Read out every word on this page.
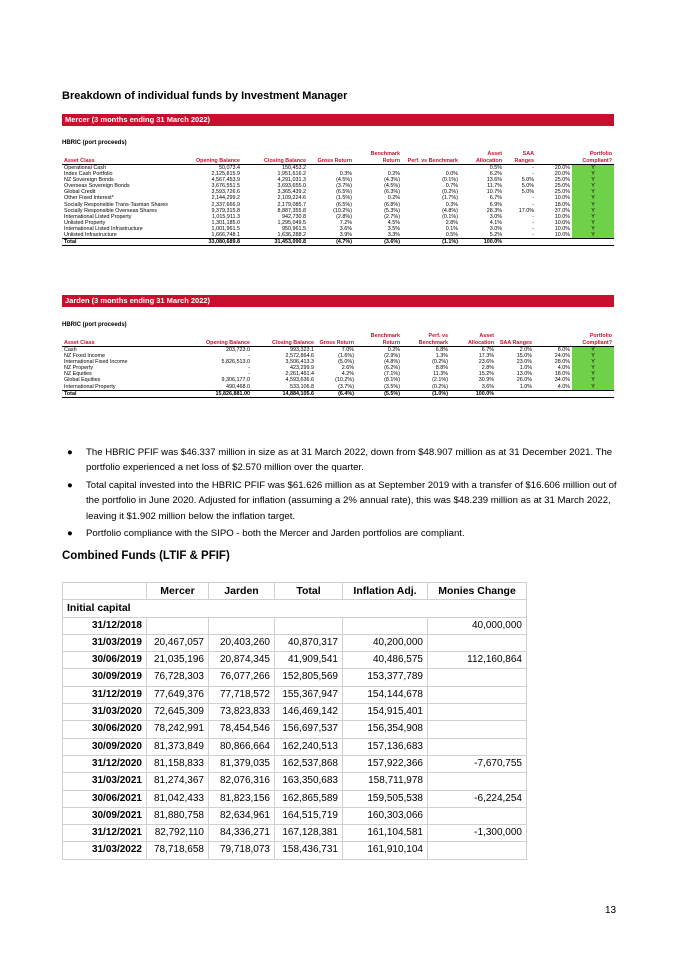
Breakdown of individual funds by Investment Manager
Mercer (3 months ending 31 March 2022)
HBRIC (port proceeds)
Asset Class	Opening Balance	Closing Balance	Gross Return	Benchmark Return	Perf. vs Benchmark	Asset Allocation	SAA Ranges		Portfolio Compliant?
Operational Cash	50,073.4	150,453.2				0.5%	-	20.0%	Y
Index Cash Portfolio	2,125,815.9	1,951,616.2	0.3%	0.2%	0.0%	6.2%	-	20.0%	Y
NZ Sovereign Bonds	4,567,453.9	4,291,031.3	(4.5%)	(4.3%)	(0.1%)	13.6%	5.0%	25.0%	Y
Overseas Sovereign Bonds	3,676,551.5	3,693,655.0	(3.7%)	(4.5%)	0.7%	11.7%	5.0%	25.0%	Y
Global Credit	3,593,726.6	3,365,439.2	(6.5%)	(6.3%)	(0.2%)	10.7%	5.0%	25.0%	Y
Other Fixed Interest*	2,144,299.2	2,109,224.6	(1.5%)	0.2%	(1.7%)	6.7%	-	10.0%	Y
Socially Responsible Trans-Tasman Shares	2,337,666.9	2,179,085.7	(6.5%)	(6.8%)	0.3%	6.9%	-	18.0%	Y
Socially Responsible Overseas Shares	9,379,315.8	8,887,355.8	(10.2%)	(5.3%)	(4.8%)	28.3%	17.0%	37.0%	Y
International Listed Property	1,015,911.3	942,730.8	(2.8%)	(2.7%)	(0.1%)	3.0%	-	10.0%	Y
Unlisted Property	1,301,185.0	1,295,049.5	7.2%	4.5%	2.8%	4.1%	-	10.0%	Y
International Listed Infrastructure	1,001,961.5	950,961.5	3.6%	3.5%	0.1%	3.0%	-	10.0%	Y
Unlisted Infrastructure	1,666,748.1	1,636,288.2	3.9%	3.3%	0.5%	5.2%	-	10.0%	Y
Total	33,080,689.8	31,453,090.8	(4.7%)	(3.6%)	(1.1%)	100.0%			
Jarden (3 months ending 31 March 2022)
HBRIC (port proceeds)
Asset Class	Opening Balance	Closing Balance	Gross Return	Benchmark Return	Perf. vs Benchmark	Asset Allocation	SAA Ranges		Portfolio Compliant?
Cash	203,723.0	993,323.1	7.0%	0.2%	6.8%	6.7%	2.0%	8.0%	Y
NZ Fixed Income	-	2,572,864.6	(1.6%)	(2.9%)	1.3%	17.3%	15.0%	24.0%	Y
International Fixed Income	5,826,513.0	3,506,413.3	(5.0%)	(4.8%)	(0.2%)	23.6%	23.0%	28.0%	Y
NZ Property	-	423,299.9	2.6%	(6.2%)	8.8%	2.8%	1.0%	4.0%	Y
NZ Equities	-	2,261,461.4	4.2%	(7.1%)	11.3%	15.2%	13.0%	18.0%	Y
Global Equities	9,306,177.0	4,593,636.6	(10.2%)	(8.1%)	(2.1%)	30.9%	26.0%	34.0%	Y
International Property	490,468.0	533,106.8	(3.7%)	(3.5%)	(0.2%)	3.6%	1.0%	4.0%	Y
Total	15,826,881.00	14,884,105.6	(6.4%)	(5.5%)	(1.0%)	100.0%			
● The HBRIC PFIF was $46.337 million in size as at 31 March 2022, down from $48.907 million as at 31 December 2021. The portfolio experienced a net loss of $2.570 million over the quarter.
● Total capital invested into the HBRIC PFIF was $61.626 million as at September 2019 with a transfer of $16.606 million out of the portfolio in June 2020. Adjusted for inflation (assuming a 2% annual rate), this was $48.239 million as at 31 March 2022, leaving it $1.902 million below the inflation target.
● Portfolio compliance with the SIPO - both the Mercer and Jarden portfolios are compliant.
Combined Funds (LTIF & PFIF)
	Mercer	Jarden	Total	Inflation Adj.	Monies Change
Initial capital					
31/12/2018					40,000,000
31/03/2019	20,467,057	20,403,260	40,870,317	40,200,000	
30/06/2019	21,035,196	20,874,345	41,909,541	40,486,575	112,160,864
30/09/2019	76,728,303	76,077,266	152,805,569	153,377,789	
31/12/2019	77,649,376	77,718,572	155,367,947	154,144,678	
31/03/2020	72,645,309	73,823,833	146,469,142	154,915,401	
30/06/2020	78,242,991	78,454,546	156,697,537	156,354,908	
30/09/2020	81,373,849	80,866,664	162,240,513	157,136,683	
31/12/2020	81,158,833	81,379,035	162,537,868	157,922,366	-7,670,755
31/03/2021	81,274,367	82,076,316	163,350,683	158,711,978	
30/06/2021	81,042,433	81,823,156	162,865,589	159,505,538	-6,224,254
30/09/2021	81,880,758	82,634,961	164,515,719	160,303,066	
31/12/2021	82,792,110	84,336,271	167,128,381	161,104,581	-1,300,000
31/03/2022	78,718,658	79,718,073	158,436,731	161,910,104	
13
